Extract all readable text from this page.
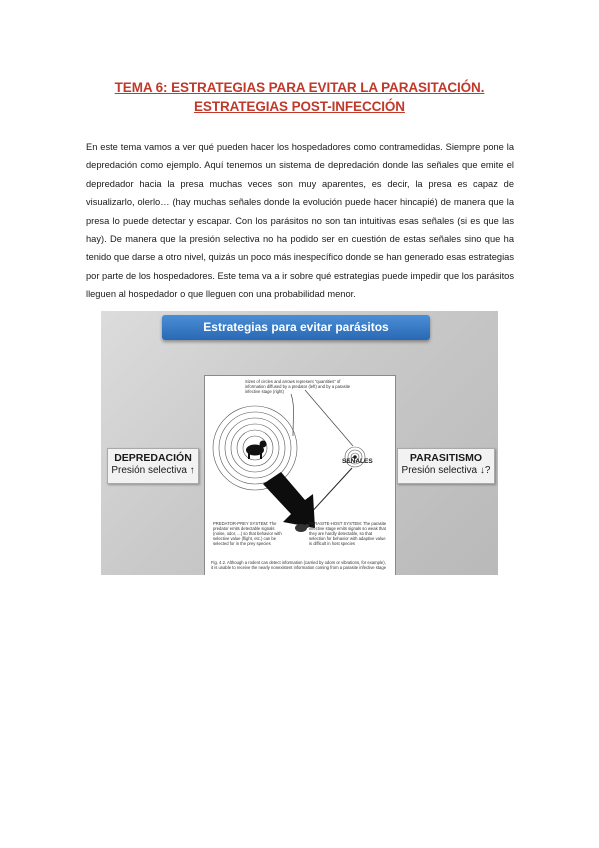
TEMA 6: ESTRATEGIAS PARA EVITAR LA PARASITACIÓN.
ESTRATEGIAS POST-INFECCIÓN

En este tema vamos a ver qué pueden hacer los hospedadores como contramedidas. Siempre pone la depredación como ejemplo. Aquí tenemos un sistema de depredación donde las señales que emite el depredador hacia la presa muchas veces son muy aparentes, es decir, la presa es capaz de visualizarlo, olerlo… (hay muchas señales donde la evolución puede hacer hincapié) de manera que la presa lo puede detectar y escapar. Con los parásitos no son tan intuitivas esas señales (si es que las hay). De manera que la presión selectiva no ha podido ser en cuestión de estas señales sino que ha tenido que darse a otro nivel, quizás un poco más inespecífico donde se han generado esas estrategias por parte de los hospedadores. Este tema va a ir sobre qué estrategias puede impedir que los parásitos lleguen al hospedador o que lleguen con una probabilidad menor.

Estrategias para evitar parásitos
DEPREDACIÓN
Presión selectiva ↑
PARASITISMO
Presión selectiva ↓?
Sizes of circles and arrows represent "quantities" of information diffused by a predator (left) and by a parasite infective stage (right)
SEÑALES
PREDATOR-PREY SYSTEM: The predator emits detectable signals (noise, odor, ...) so that behavior with selective value (flight, etc.) can be selected for in the prey species
PARASITE-HOST SYSTEM: The parasite infective stage emits signals so weak that they are hardly detectable, so that selection for behavior with adaptive value is difficult in host species
Fig. 4.2. Although a rodent can detect information (carried by odors or vibrations, for example), it is unable to receive the nearly nonexistent information coming from a parasite infective stage
